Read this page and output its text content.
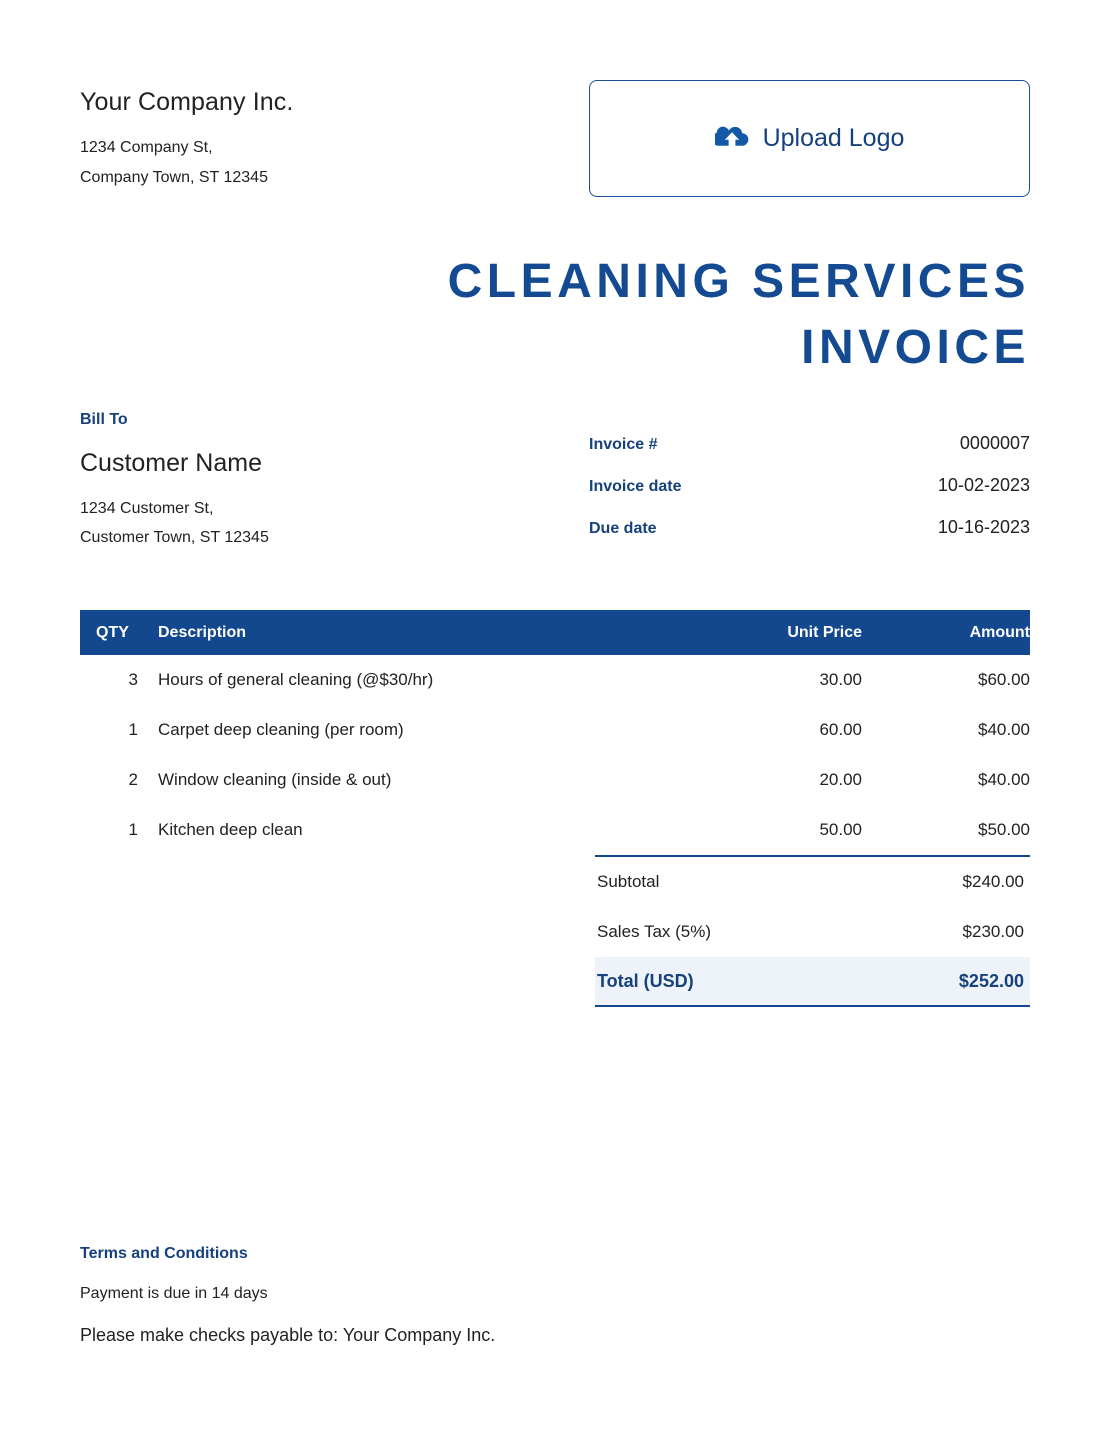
Your Company Inc.
1234 Company St,
Company Town, ST 12345
Upload Logo
CLEANING SERVICES
INVOICE
Bill To
Customer Name
1234 Customer St,
Customer Town, ST 12345
Invoice #	0000007
Invoice date	10-02-2023
Due date	10-16-2023
QTY	Description	Unit Price	Amount
3	Hours of general cleaning (@$30/hr)	30.00	$60.00
1	Carpet deep cleaning (per room)	60.00	$40.00
2	Window cleaning (inside & out)	20.00	$40.00
1	Kitchen deep clean	50.00	$50.00
Subtotal	$240.00
Sales Tax (5%)	$230.00
Total (USD)	$252.00
Terms and Conditions
Payment is due in 14 days
Please make checks payable to: Your Company Inc.
